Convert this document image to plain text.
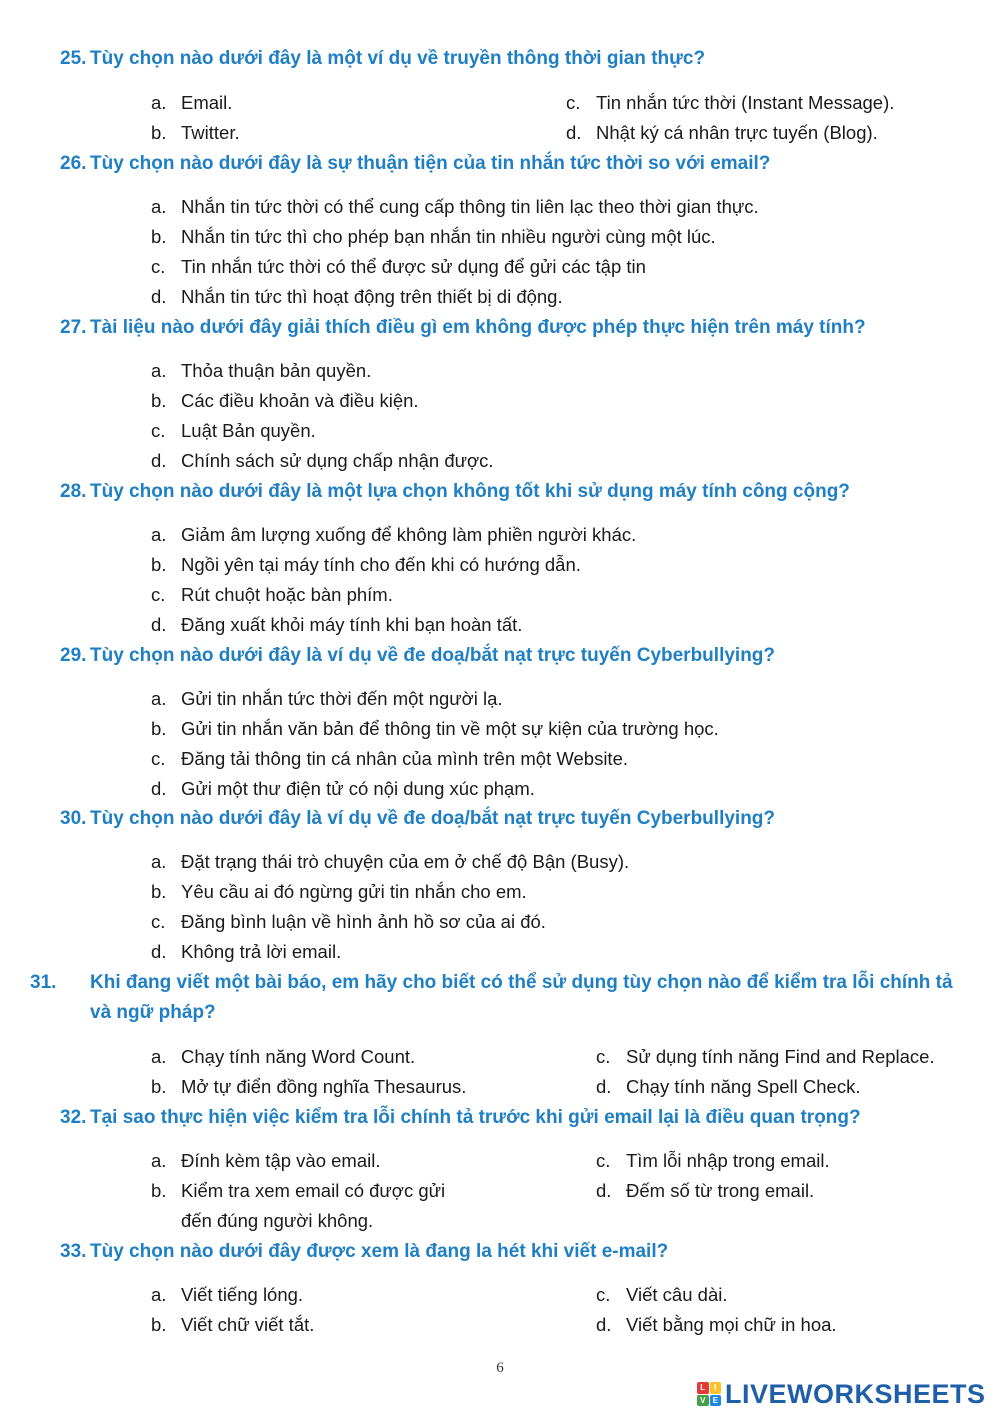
25. Tùy chọn nào dưới đây là một ví dụ về truyền thông thời gian thực?
a. Email.
b. Twitter.
c. Tin nhắn tức thời (Instant Message).
d. Nhật ký cá nhân trực tuyến (Blog).
26. Tùy chọn nào dưới đây là sự thuận tiện của tin nhắn tức thời so với email?
a. Nhắn tin tức thời có thể cung cấp thông tin liên lạc theo thời gian thực.
b. Nhắn tin tức thì cho phép bạn nhắn tin nhiều người cùng một lúc.
c. Tin nhắn tức thời có thể được sử dụng để gửi các tập tin
d. Nhắn tin tức thì hoạt động trên thiết bị di động.
27. Tài liệu nào dưới đây giải thích điều gì em không được phép thực hiện trên máy tính?
a. Thỏa thuận bản quyền.
b. Các điều khoản và điều kiện.
c. Luật Bản quyền.
d. Chính sách sử dụng chấp nhận được.
28. Tùy chọn nào dưới đây là một lựa chọn không tốt khi sử dụng máy tính công cộng?
a. Giảm âm lượng xuống để không làm phiền người khác.
b. Ngồi yên tại máy tính cho đến khi có hướng dẫn.
c. Rút chuột hoặc bàn phím.
d. Đăng xuất khỏi máy tính khi bạn hoàn tất.
29. Tùy chọn nào dưới đây là ví dụ về đe doạ/bắt nạt trực tuyến Cyberbullying?
a. Gửi tin nhắn tức thời đến một người lạ.
b. Gửi tin nhắn văn bản để thông tin về một sự kiện của trường học.
c. Đăng tải thông tin cá nhân của mình trên một Website.
d. Gửi một thư điện tử có nội dung xúc phạm.
30. Tùy chọn nào dưới đây là ví dụ về đe doạ/bắt nạt trực tuyến Cyberbullying?
a. Đặt trạng thái trò chuyện của em ở chế độ Bận (Busy).
b. Yêu cầu ai đó ngừng gửi tin nhắn cho em.
c. Đăng bình luận về hình ảnh hồ sơ của ai đó.
d. Không trả lời email.
31. Khi đang viết một bài báo, em hãy cho biết có thể sử dụng tùy chọn nào để kiểm tra lỗi chính tả và ngữ pháp?
a. Chạy tính năng Word Count.
b. Mở tự điển đồng nghĩa Thesaurus.
c. Sử dụng tính năng Find and Replace.
d. Chạy tính năng Spell Check.
32. Tại sao thực hiện việc kiểm tra lỗi chính tả trước khi gửi email lại là điều quan trọng?
a. Đính kèm tập vào email.
b. Kiểm tra xem email có được gửi
đến đúng người không.
c. Tìm lỗi nhập trong email.
d. Đếm số từ trong email.
33. Tùy chọn nào dưới đây được xem là đang la hét khi viết e-mail?
a. Viết tiếng lóng.
b. Viết chữ viết tắt.
c. Viết câu dài.
d. Viết bằng mọi chữ in hoa.
6
L	I
V E LIVEWORKSHEETS
